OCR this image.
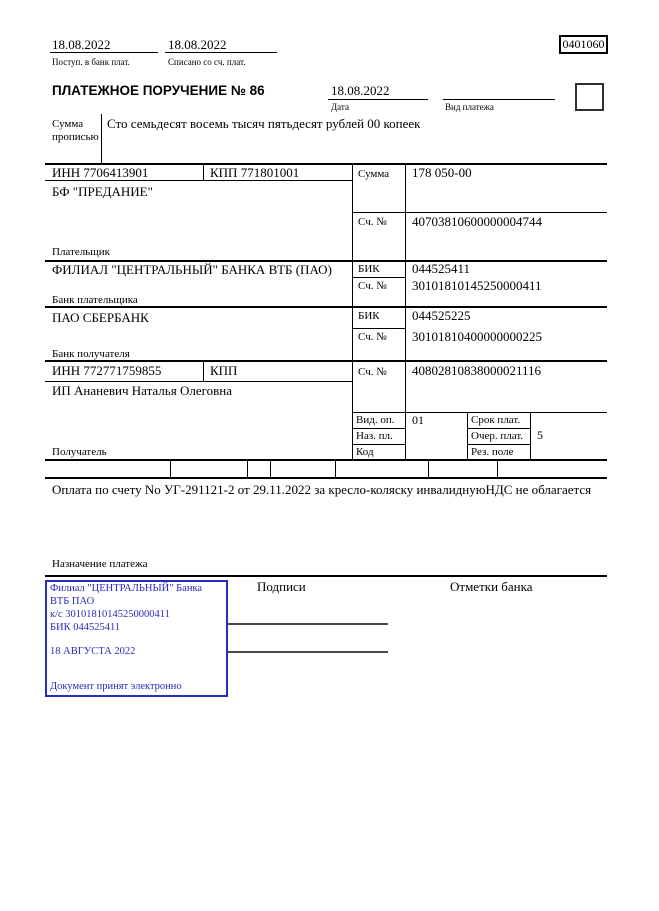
18.08.2022
Поступ. в банк плат.
18.08.2022
Списано со сч. плат.
0401060
ПЛАТЕЖНОЕ ПОРУЧЕНИЕ № 86	18.08.2022
Дата	Вид платежа
Сумма
прописью
Сто семьдесят восемь тысяч пятьдесят рублей 00 копеек
ИНН 7706413901	КПП 771801001
БФ "ПРЕДАНИЕ"
Плательщик
Сумма 178 050-00
Сч. № 40703810600000004744
ФИЛИАЛ "ЦЕНТРАЛЬНЫЙ" БАНКА ВТБ (ПАО)
Банк плательщика
БИК 044525411
Сч. № 30101810145250000411
ПАО СБЕРБАНК
Банк получателя
БИК 044525225
Сч. № 30101810400000000225
ИНН 772771759855	КПП
ИП Ананевич Наталья Олеговна
Получатель
Сч. № 40802810838000021116
Вид. оп. 01	Срок плат.
Наз. пл.	Очер. плат. 5
Код	Рез. поле
Оплата по счету No УГ-291121-2 от 29.11.2022 за кресло-коляску инвалиднуюНДС не облагается
Назначение платежа
Филиал "ЦЕНТРАЛЬНЫЙ" Банка
ВТБ ПАО
к/с 30101810145250000411
БИК 044525411
18 АВГУСТА 2022
Документ принят электронно
Подписи	Отметки банка
